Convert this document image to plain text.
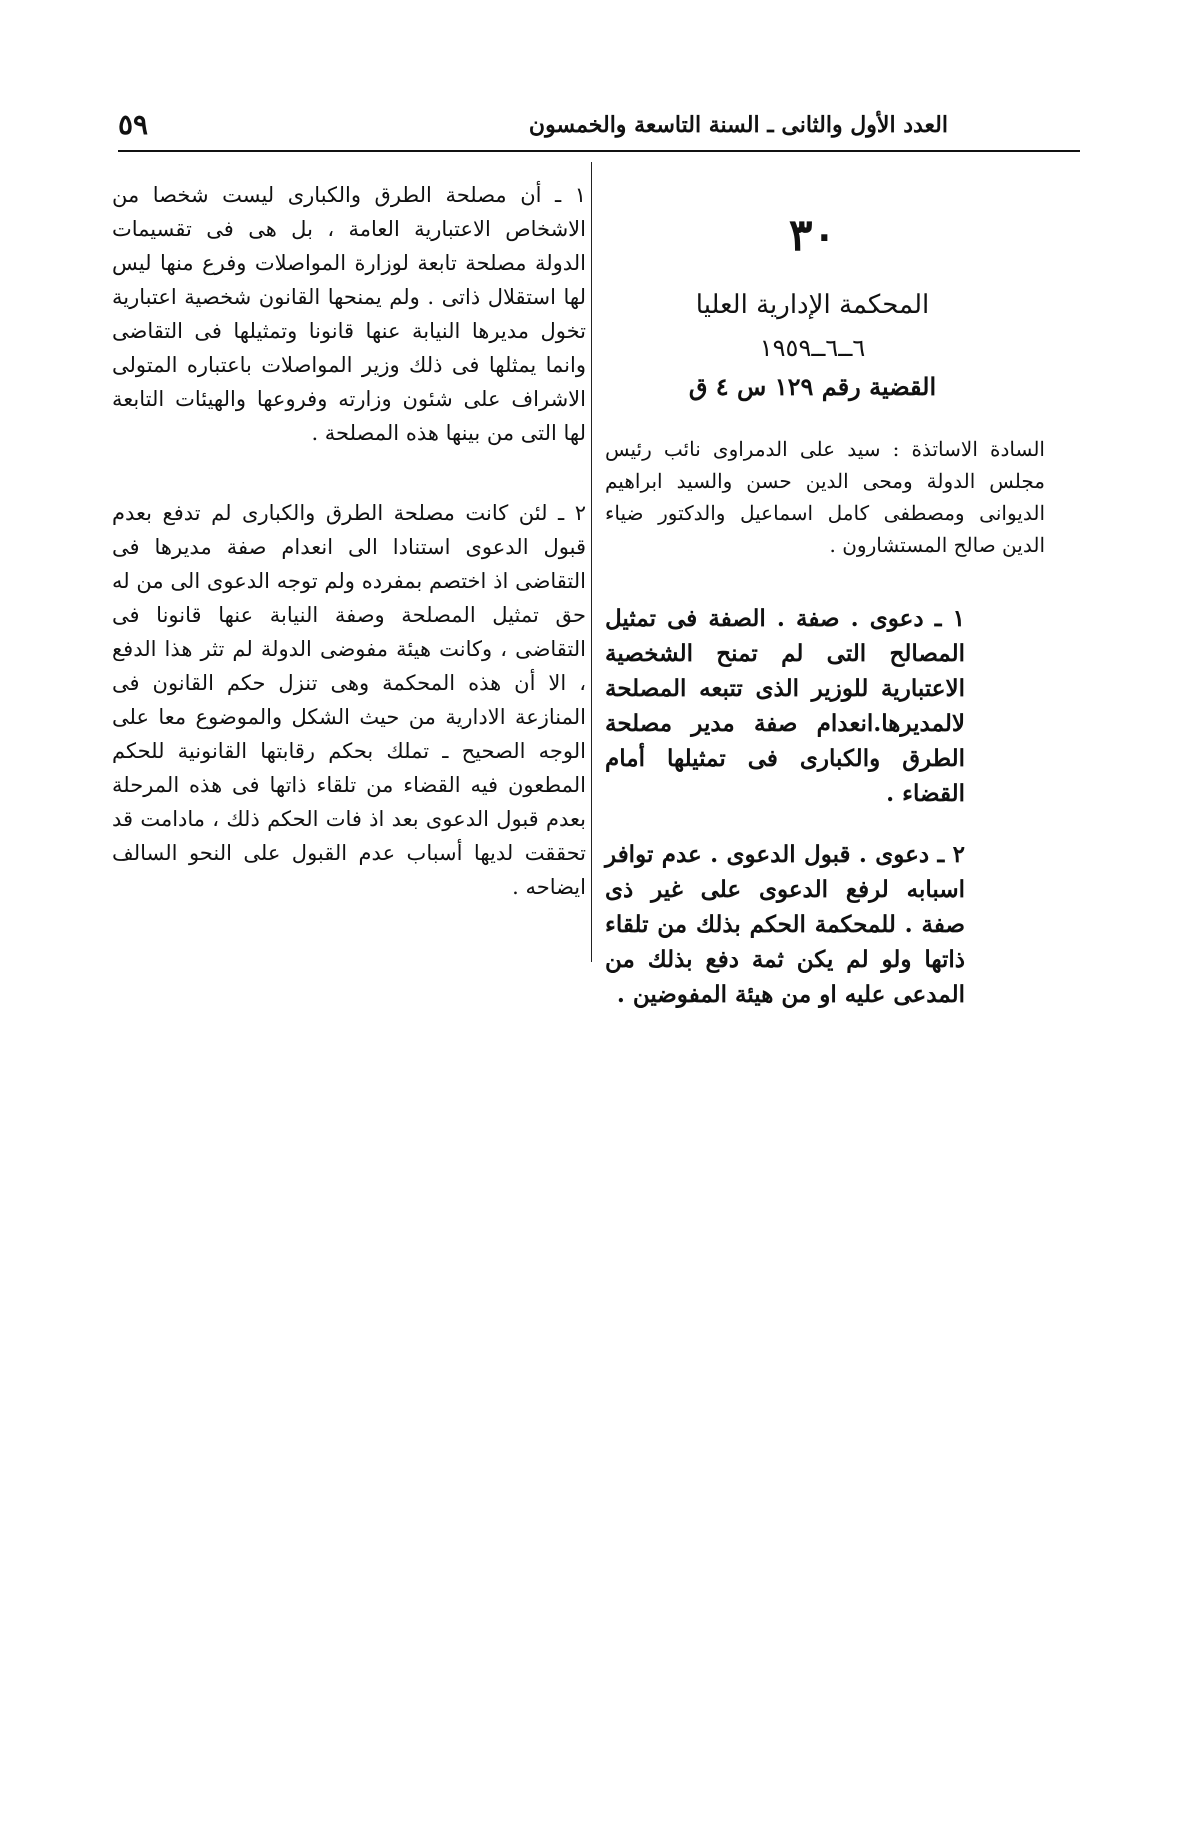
العدد الأول والثانى ـ السنة التاسعة والخمسون
٥٩
٣٠
المحكمة الإدارية العليا
٦ــ٦ــ١٩٥٩
القضية رقم ١٢٩ س ٤ ق
السادة الاساتذة : سيد على الدمراوى نائب رئيس مجلس الدولة ومحى الدين حسن والسيد ابراهيم الديوانى ومصطفى كامل اسماعيل والدكتور ضياء الدين صالح المستشارون .
١ ـ دعوى . صفة . الصفة فى تمثيل المصالح التى لم تمنح الشخصية الاعتبارية للوزير الذى تتبعه المصلحة لالمديرها.انعدام صفة مدير مصلحة الطرق والكبارى فى تمثيلها أمام القضاء .
٢ ـ دعوى . قبول الدعوى . عدم توافر اسبابه لرفع الدعوى على غير ذى صفة . للمحكمة الحكم بذلك من تلقاء ذاتها ولو لم يكن ثمة دفع بذلك من المدعى عليه او من هيئة المفوضين .
١ ـ أن مصلحة الطرق والكبارى ليست شخصا من الاشخاص الاعتبارية العامة ، بل هى فى تقسيمات الدولة مصلحة تابعة لوزارة المواصلات وفرع منها ليس لها استقلال ذاتى . ولم يمنحها القانون شخصية اعتبارية تخول مديرها النيابة عنها قانونا وتمثيلها فى التقاضى وانما يمثلها فى ذلك وزير المواصلات باعتباره المتولى الاشراف على شئون وزارته وفروعها والهيئات التابعة لها التى من بينها هذه المصلحة .
٢ ـ لئن كانت مصلحة الطرق والكبارى لم تدفع بعدم قبول الدعوى استنادا الى انعدام صفة مديرها فى التقاضى اذ اختصم بمفرده ولم توجه الدعوى الى من له حق تمثيل المصلحة وصفة النيابة عنها قانونا فى التقاضى ، وكانت هيئة مفوضى الدولة لم تثر هذا الدفع ، الا أن هذه المحكمة وهى تنزل حكم القانون فى المنازعة الادارية من حيث الشكل والموضوع معا على الوجه الصحيح ـ تملك بحكم رقابتها القانونية للحكم المطعون فيه القضاء من تلقاء ذاتها فى هذه المرحلة بعدم قبول الدعوى بعد اذ فات الحكم ذلك ، مادامت قد تحققت لديها أسباب عدم القبول على النحو السالف ايضاحه .
